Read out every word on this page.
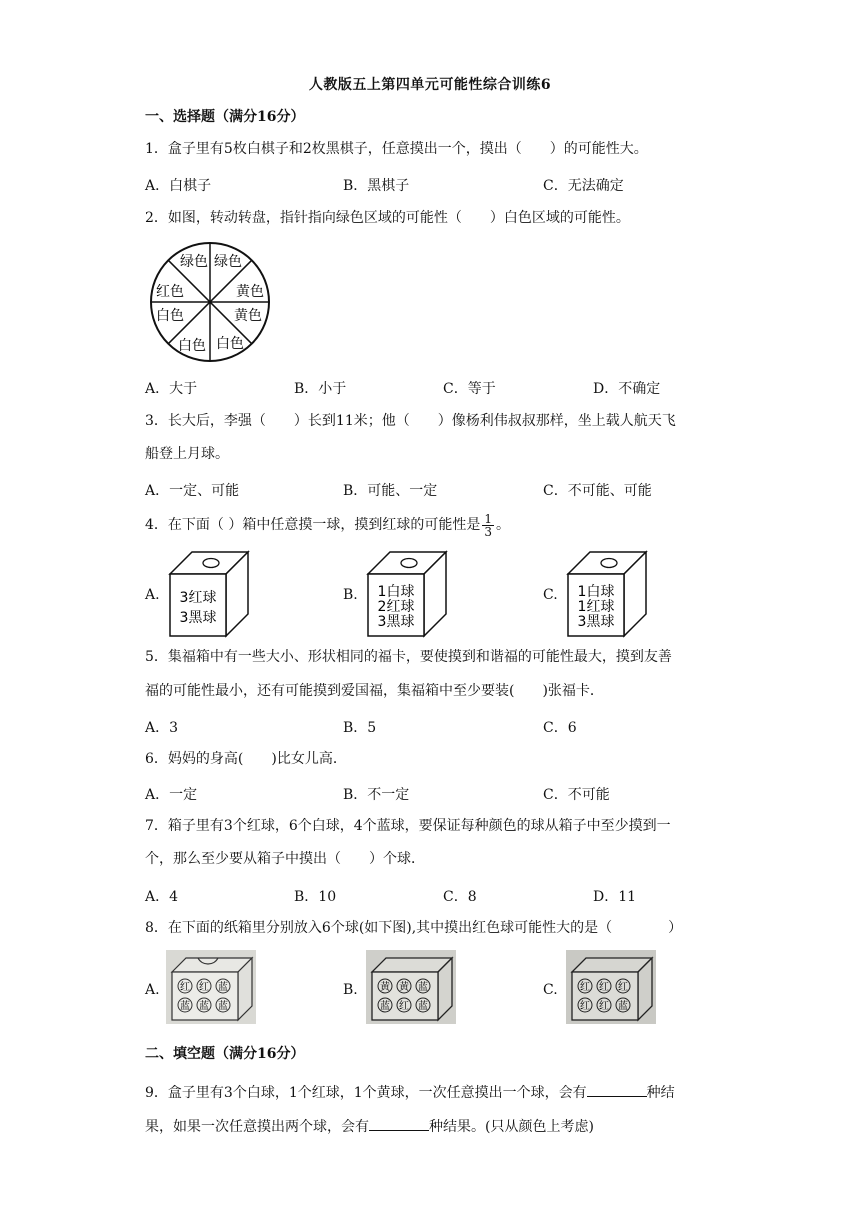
人教版五上第四单元可能性综合训练6
一、选择题（满分16分）
1．盒子里有5枚白棋子和2枚黑棋子，任意摸出一个，摸出（　　）的可能性大。
A．白棋子	B．黑棋子	C．无法确定
2．如图，转动转盘，指针指向绿色区域的可能性（　　）白色区域的可能性。
绿色 绿色
黄色
黄色
白色
白色
白色
红色
A．大于	B．小于	C．等于	D．不确定
3．长大后，李强（　　）长到11米；他（　　）像杨利伟叔叔那样，坐上载人航天飞
船登上月球。
A．一定、可能	B．可能、一定	C．不可能、可能
4．在下面（ ）箱中任意摸一球，摸到红球的可能性是 $\frac{1}{3}$ 。
A. 3红球
3黑球
B. 1白球
2红球
3黑球
C. 1白球
1红球
3黑球
5．集福箱中有一些大小、形状相同的福卡，要使摸到和谐福的可能性最大，摸到友善
福的可能性最小，还有可能摸到爱国福，集福箱中至少要装(　　)张福卡．
A．3	B．5	C．6
6．妈妈的身高(　　)比女儿高．
A．一定	B．不一定	C．不可能
7．箱子里有3个红球，6个白球，4个蓝球，要保证每种颜色的球从箱子中至少摸到一
个，那么至少要从箱子中摸出（　　）个球．
A．4	B．10	C．8	D．11
8．在下面的纸箱里分别放入6个球(如下图),其中摸出红色球可能性大的是（　　　　）
A. 红 红 蓝
蓝 蓝 蓝
B. 黄 黄 蓝
蓝 红 蓝
C. 红 红 红
红 红 蓝
二、填空题（满分16分）
9．盒子里有3个白球，1个红球，1个黄球，一次任意摸出一个球，会有	种结
果，如果一次任意摸出两个球，会有	种结果。(只从颜色上考虑)
